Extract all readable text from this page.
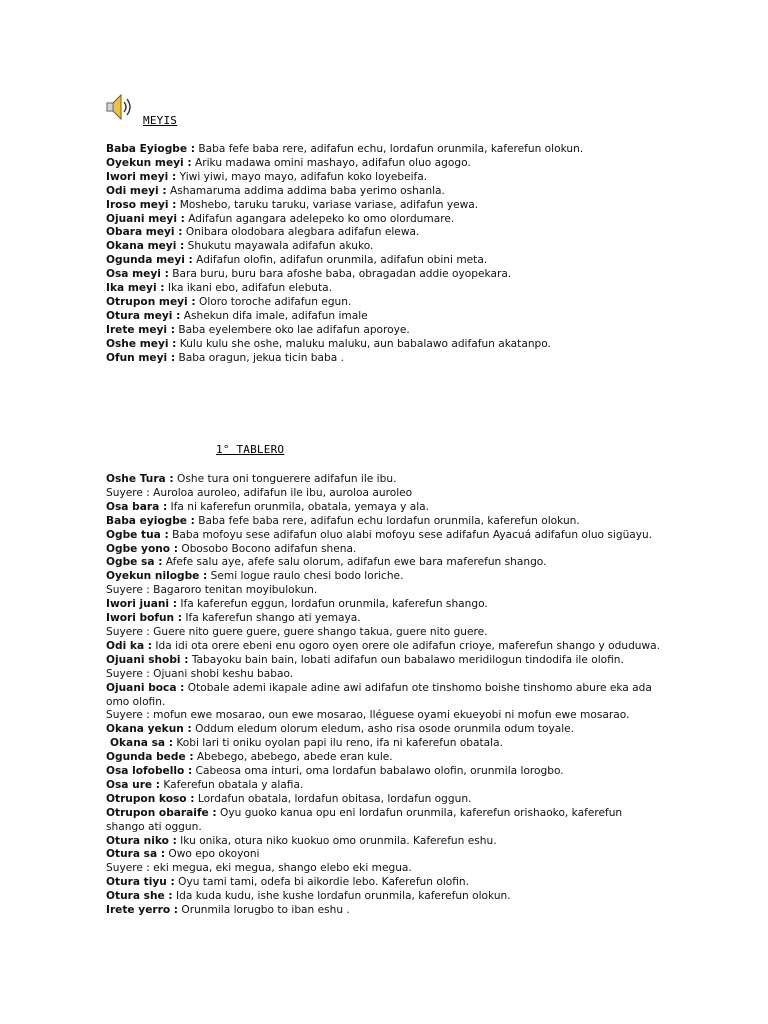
MEYIS
Baba Eyiogbe : Baba fefe baba rere, adifafun echu, lordafun orunmila, kaferefun olokun.
Oyekun meyi : Ariku madawa omini mashayo, adifafun oluo agogo.
Iwori meyi : Yiwi yiwi, mayo mayo, adifafun koko loyebeifa.
Odi meyi : Ashamaruma addima addima baba yerimo oshanla.
Iroso meyi : Moshebo, taruku taruku, variase variase, adifafun yewa.
Ojuani meyi : Adifafun agangara adelepeko ko omo olordumare.
Obara meyi : Onibara olodobara alegbara adifafun elewa.
Okana meyi : Shukutu mayawala adifafun akuko.
Ogunda meyi : Adifafun olofin, adifafun orunmila, adifafun obini meta.
Osa meyi : Bara buru, buru bara afoshe baba, obragadan addie oyopekara.
Ika meyi : Ika ikani ebo, adifafun elebuta.
Otrupon meyi : Oloro toroche adifafun egun.
Otura meyi : Ashekun difa imale, adifafun imale
Irete meyi : Baba eyelembere oko lae adifafun aporoye.
Oshe meyi : Kulu kulu she oshe, maluku maluku, aun babalawo adifafun akatanpo.
Ofun meyi : Baba oragun, jekua ticin baba .
1° TABLERO
Oshe Tura : Oshe tura oni tonguerere adifafun ile ibu.
Suyere : Auroloa auroleo, adifafun ile ibu, auroloa auroleo
Osa bara : Ifa ni kaferefun orunmila, obatala, yemaya y ala.
Baba eyiogbe : Baba fefe baba rere, adifafun echu lordafun orunmila, kaferefun olokun.
Ogbe tua : Baba mofoyu sese adifafun oluo alabi mofoyu sese adifafun Ayacuá adifafun oluo sigüayu.
Ogbe yono : Obosobo Bocono adifafun shena.
Ogbe sa : Afefe salu aye, afefe salu olorum, adifafun ewe bara maferefun shango.
Oyekun nilogbe : Semi logue raulo chesi bodo loriche.
Suyere : Bagaroro tenitan moyibulokun.
Iwori juani : Ifa kaferefun eggun, lordafun orunmila, kaferefun shango.
Iwori bofun : Ifa kaferefun shango ati yemaya.
Suyere : Guere nito guere guere, guere shango takua, guere nito guere.
Odi ka : Ida idi ota orere ebeni enu ogoro oyen orere ole adifafun crioye, maferefun shango y oduduwa.
Ojuani shobi : Tabayoku bain bain, lobati adifafun oun babalawo meridilogun tindodifa ile olofin.
Suyere : Ojuani shobi keshu babao.
Ojuani boca : Otobale ademi ikapale adine awi adifafun ote tinshomo boishe tinshomo abure eka ada omo olofin.
Suyere : mofun ewe mosarao, oun ewe mosarao, lléguese oyami ekueyobi ni mofun ewe mosarao.
Okana yekun : Oddum eledum olorum eledum, asho risa osode orunmila odum toyale.
Okana sa : Kobi lari ti oniku oyolan papi ilu reno, ifa ni kaferefun obatala.
Ogunda bede : Abebego, abebego, abede eran kule.
Osa lofobello : Cabeosa oma inturi, oma lordafun babalawo olofin, orunmila lorogbo.
Osa ure : Kaferefun obatala y alafia.
Otrupon koso : Lordafun obatala, lordafun obitasa, lordafun oggun.
Otrupon obaraife : Oyu guoko kanua opu eni lordafun orunmila, kaferefun orishaoko, kaferefun shango ati oggun.
Otura niko : Iku onika, otura niko kuokuo omo orunmila. Kaferefun eshu.
Otura sa : Owo epo okoyoni
Suyere : eki megua, eki megua, shango elebo eki megua.
Otura tiyu : Oyu tami tami, odefa bi aikordie lebo. Kaferefun olofin.
Otura she : Ida kuda kudu, ishe kushe lordafun orunmila, kaferefun olokun.
Irete yerro : Orunmila lorugbo to iban eshu .
